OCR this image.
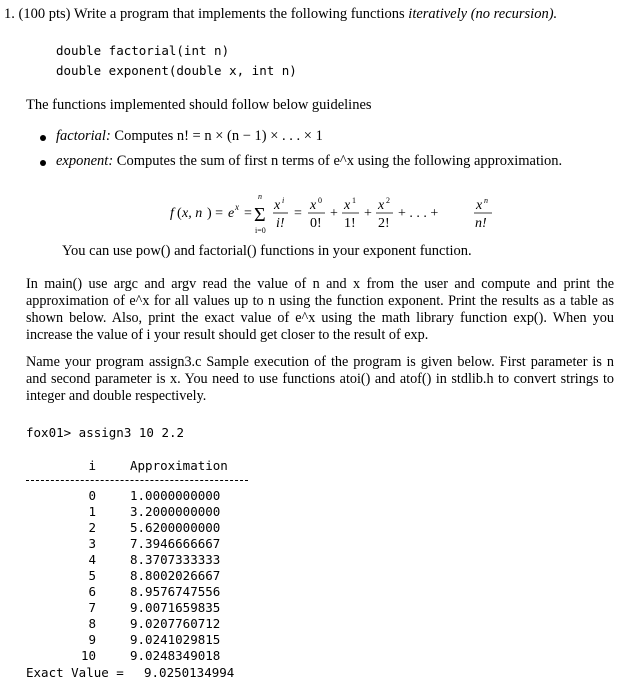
1. (100 pts) Write a program that implements the following functions iteratively (no recursion).
double factorial(int n)
double exponent(double x, int n)
The functions implemented should follow below guidelines
factorial: Computes n! = n × (n − 1) × . . . × 1
exponent: Computes the sum of first n terms of e^x using the following approximation.
f ( x, n ) = e x =
n
Σ
i=0
x i
i!
=
x 0
0!
+
x 1
1!
+
x 2
2!
+ . . . +
x n
n!
You can use pow() and factorial() functions in your exponent function.
In main() use argc and argv read the value of n and x from the user and compute and print the approximation of e^x for all values up to n using the function exponent. Print the results as a table as shown below. Also, print the exact value of e^x using the math library function exp(). When you increase the value of i your result should get closer to the result of exp.
Name your program assign3.c Sample execution of the program is given below. First parameter is n and second parameter is x. You need to use functions atoi() and atof() in stdlib.h to convert strings to integer and double respectively.
fox01> assign3 10 2.2
i	Approximation
0	1.0000000000
1	3.2000000000
2	5.6200000000
3	7.3946666667
4	8.3707333333
5	8.8002026667
6	8.9576747556
7	9.0071659835
8	9.0207760712
9	9.0241029815
10	9.0248349018
Exact Value = 9.0250134994
